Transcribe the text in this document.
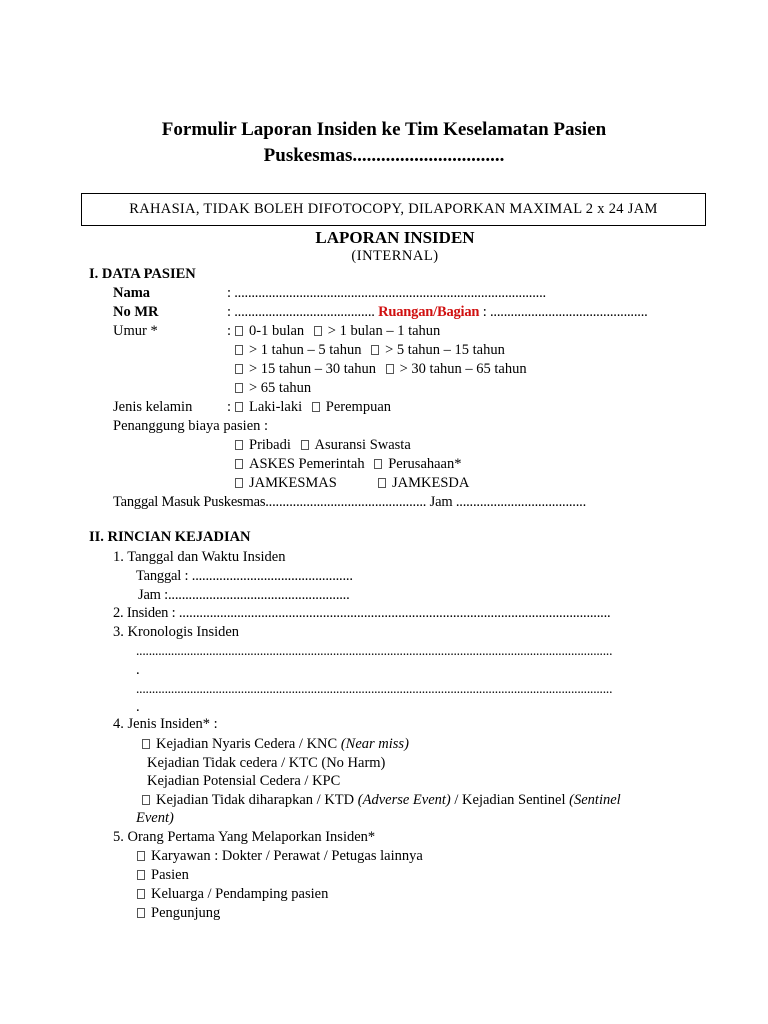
Formulir Laporan Insiden ke Tim Keselamatan Pasien
Puskesmas................................
RAHASIA, TIDAK BOLEH DIFOTOCOPY, DILAPORKAN MAXIMAL 2 x 24 JAM
LAPORAN INSIDEN
(INTERNAL)
I. DATA PASIEN
Nama	: ...........................................................................................
No MR	: ......................................... Ruangan/Bagian : ..............................................
Umur *	:	0-1 bulan > 1 bulan – 1 tahun
> 1 tahun – 5 tahun > 5 tahun – 15 tahun
> 15 tahun – 30 tahun > 30 tahun – 65 tahun
> 65 tahun
Jenis kelamin :	Laki-laki Perempuan
Penanggung biaya pasien :
Pribadi Asuransi Swasta
ASKES Pemerintah Perusahaan*
JAMKESMAS	JAMKESDA
Tanggal Masuk Puskesmas............................................... Jam ......................................
II. RINCIAN KEJADIAN
1. Tanggal dan Waktu Insiden
Tanggal : ...............................................
Jam :.....................................................
2. Insiden : ..............................................................................................................................
3. Kronologis Insiden
......................................................................................................................................................
.
......................................................................................................................................................
.
4. Jenis Insiden* :
Kejadian Nyaris Cedera / KNC (Near miss)
Kejadian Tidak cedera / KTC (No Harm)
Kejadian Potensial Cedera / KPC
Kejadian Tidak diharapkan / KTD (Adverse Event) / Kejadian Sentinel (Sentinel
Event)
5. Orang Pertama Yang Melaporkan Insiden*
Karyawan : Dokter / Perawat / Petugas lainnya
Pasien
Keluarga / Pendamping pasien
Pengunjung
